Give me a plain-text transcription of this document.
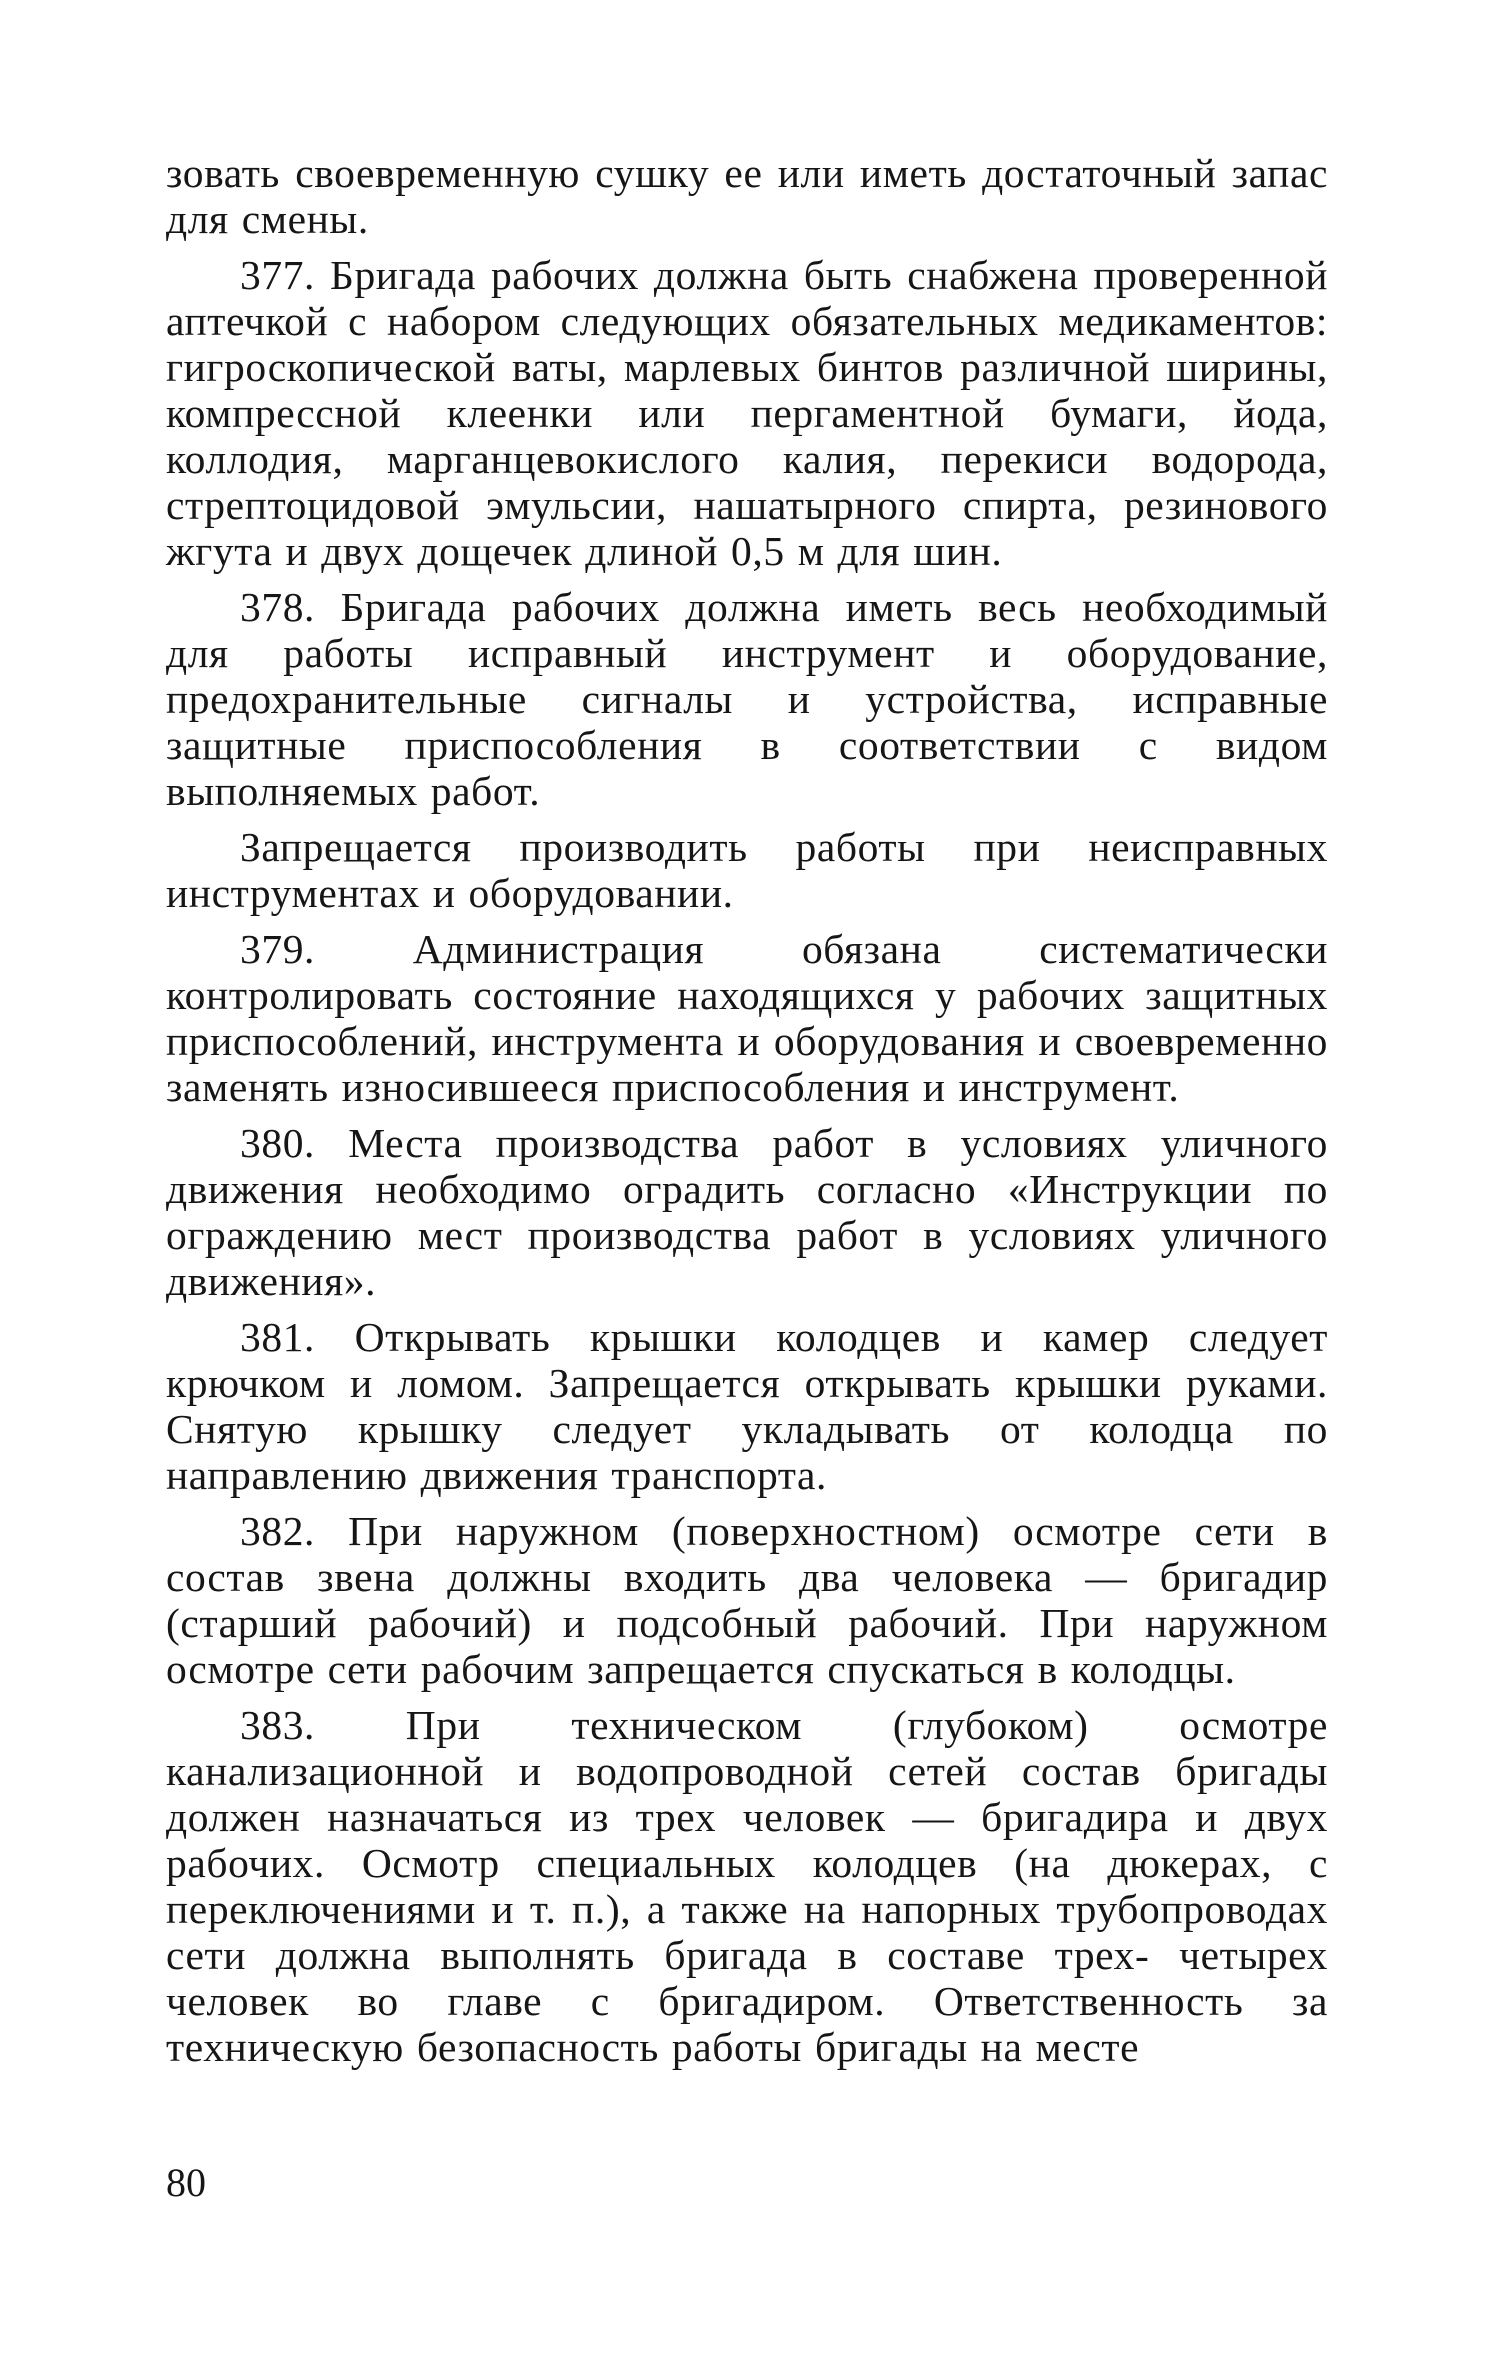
зовать своевременную сушку ее или иметь достаточный запас для смены.

377. Бригада рабочих должна быть снабжена проверенной аптечкой с набором следующих обязательных медикаментов: гигроскопической ваты, марлевых бинтов различной ширины, компрессной клеенки или пергаментной бумаги, йода, коллодия, марганцевокислого калия, перекиси водорода, стрептоцидовой эмульсии, нашатырного спирта, резинового жгута и двух дощечек длиной 0,5 м для шин.

378. Бригада рабочих должна иметь весь необходимый для работы исправный инструмент и оборудование, предохранительные сигналы и устройства, исправные защитные приспособления в соответствии с видом выполняемых работ.

Запрещается производить работы при неисправных инструментах и оборудовании.

379. Администрация обязана систематически контролировать состояние находящихся у рабочих защитных приспособлений, инструмента и оборудования и своевременно заменять износившееся приспособления и инструмент.

380. Места производства работ в условиях уличного движения необходимо оградить согласно «Инструкции по ограждению мест производства работ в условиях уличного движения».

381. Открывать крышки колодцев и камер следует крючком и ломом. Запрещается открывать крышки руками. Снятую крышку следует укладывать от колодца по направлению движения транспорта.

382. При наружном (поверхностном) осмотре сети в состав звена должны входить два человека — бригадир (старший рабочий) и подсобный рабочий. При наружном осмотре сети рабочим запрещается спускаться в колодцы.

383. При техническом (глубоком) осмотре канализационной и водопроводной сетей состав бригады должен назначаться из трех человек — бригадира и двух рабочих. Осмотр специальных колодцев (на дюкерах, с переключениями и т. п.), а также на напорных трубопроводах сети должна выполнять бригада в составе трех- четырех человек во главе с бригадиром. Ответственность за техническую безопасность работы бригады на месте

80
